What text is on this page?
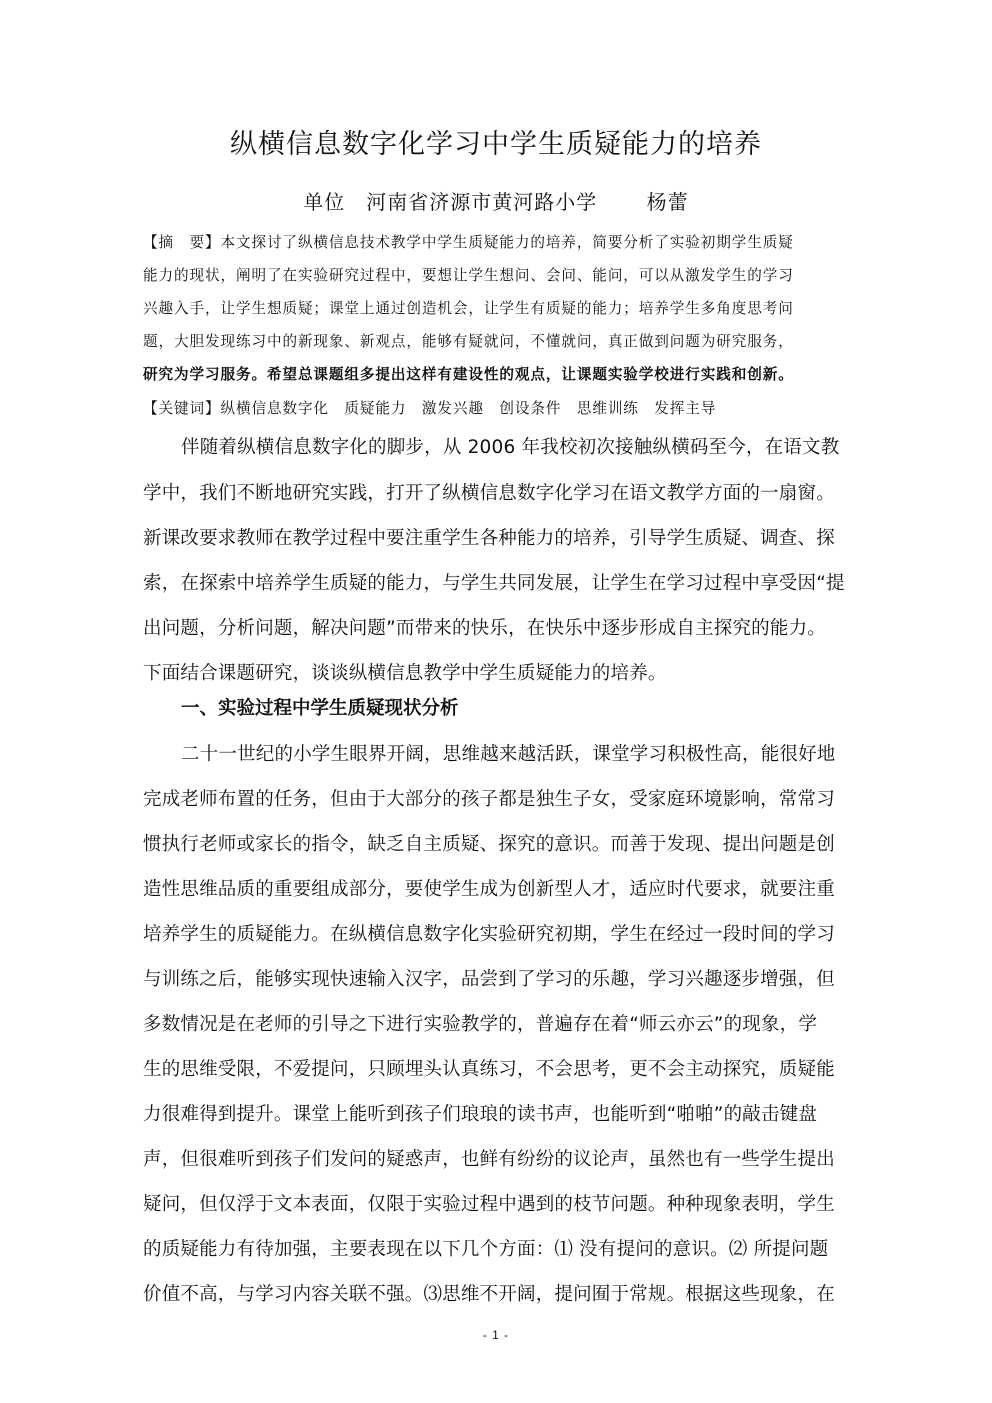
纵横信息数字化学习中学生质疑能力的培养
单位　河南省济源市黄河路小学　　 杨蕾
【摘　要】本文探讨了纵横信息技术教学中学生质疑能力的培养，简要分析了实验初期学生质疑
能力的现状，阐明了在实验研究过程中，要想让学生想问、会问、能问，可以从激发学生的学习
兴趣入手，让学生想质疑；课堂上通过创造机会，让学生有质疑的能力；培养学生多角度思考问
题，大胆发现练习中的新现象、新观点，能够有疑就问，不懂就问，真正做到问题为研究服务，
研究为学习服务。希望总课题组多提出这样有建设性的观点，让课题实验学校进行实践和创新。
【关键词】纵横信息数字化　质疑能力　激发兴趣　创设条件　思维训练　发挥主导
伴随着纵横信息数字化的脚步，从 2006 年我校初次接触纵横码至今，在语文教
学中，我们不断地研究实践，打开了纵横信息数字化学习在语文教学方面的一扇窗。
新课改要求教师在教学过程中要注重学生各种能力的培养，引导学生质疑、调查、探
索，在探索中培养学生质疑的能力，与学生共同发展，让学生在学习过程中享受因“提
出问题，分析问题，解决问题”而带来的快乐，在快乐中逐步形成自主探究的能力。
下面结合课题研究，谈谈纵横信息教学中学生质疑能力的培养。
一、实验过程中学生质疑现状分析
二十一世纪的小学生眼界开阔，思维越来越活跃，课堂学习积极性高，能很好地
完成老师布置的任务，但由于大部分的孩子都是独生子女，受家庭环境影响，常常习
惯执行老师或家长的指令，缺乏自主质疑、探究的意识。而善于发现、提出问题是创
造性思维品质的重要组成部分，要使学生成为创新型人才，适应时代要求，就要注重
培养学生的质疑能力。在纵横信息数字化实验研究初期，学生在经过一段时间的学习
与训练之后，能够实现快速输入汉字，品尝到了学习的乐趣，学习兴趣逐步增强，但
多数情况是在老师的引导之下进行实验教学的，普遍存在着“师云亦云”的现象，学
生的思维受限，不爱提问，只顾埋头认真练习，不会思考，更不会主动探究，质疑能
力很难得到提升。课堂上能听到孩子们琅琅的读书声，也能听到“啪啪”的敲击键盘
声，但很难听到孩子们发问的疑惑声，也鲜有纷纷的议论声，虽然也有一些学生提出
疑问，但仅浮于文本表面，仅限于实验过程中遇到的枝节问题。种种现象表明，学生
的质疑能力有待加强，主要表现在以下几个方面：⑴ 没有提问的意识。⑵ 所提问题
价值不高，与学习内容关联不强。⑶思维不开阔，提问囿于常规。根据这些现象，在
- 1 -
